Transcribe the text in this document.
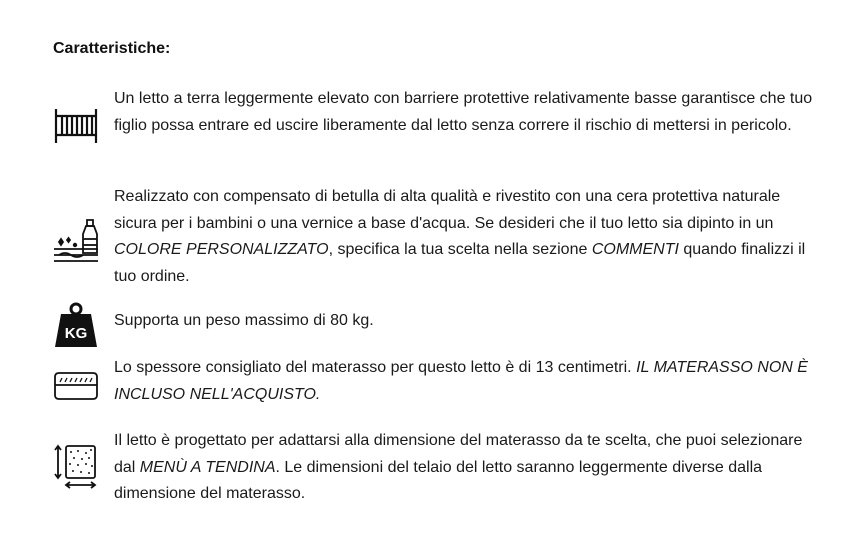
Caratteristiche:
Un letto a terra leggermente elevato con barriere protettive relativamente basse garantisce che tuo figlio possa entrare ed uscire liberamente dal letto senza correre il rischio di mettersi in pericolo.
Realizzato con compensato di betulla di alta qualità e rivestito con una cera protettiva naturale sicura per i bambini o una vernice a base d'acqua. Se desideri che il tuo letto sia dipinto in un COLORE PERSONALIZZATO, specifica la tua scelta nella sezione COMMENTI quando finalizzi il tuo ordine.
KG
Supporta un peso massimo di 80 kg.
Lo spessore consigliato del materasso per questo letto è di 13 centimetri. IL MATERASSO NON È INCLUSO NELL'ACQUISTO.
Il letto è progettato per adattarsi alla dimensione del materasso da te scelta, che puoi selezionare dal MENÙ A TENDINA. Le dimensioni del telaio del letto saranno leggermente diverse dalla dimensione del materasso.
